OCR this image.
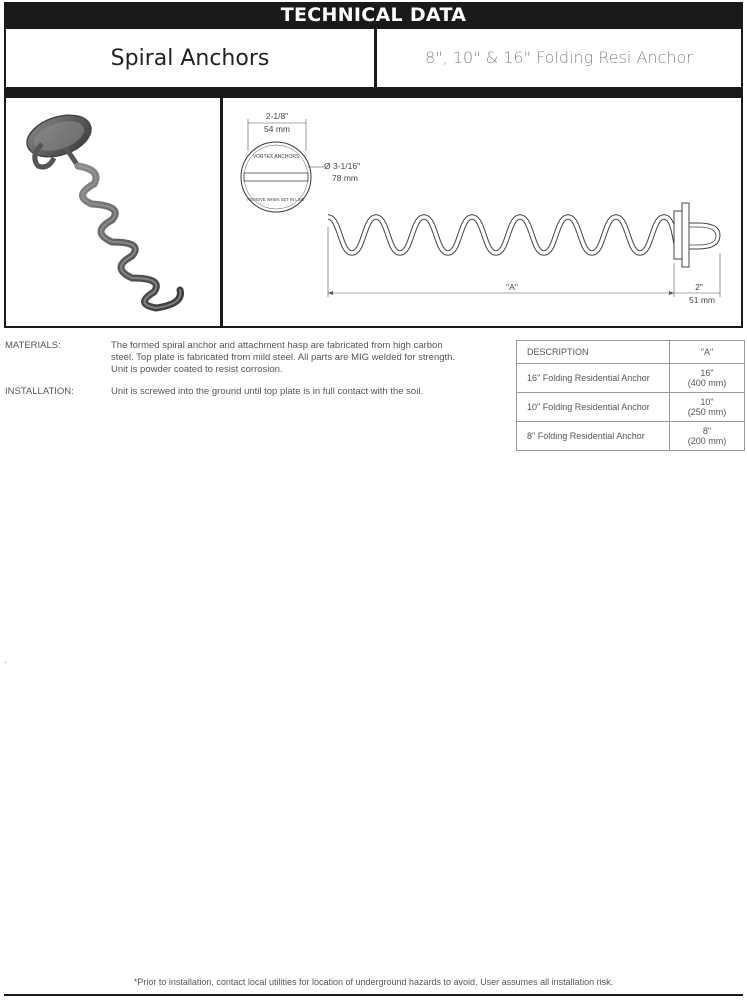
TECHNICAL DATA
Spiral Anchors	8", 10" & 16" Folding Resi Anchor
2-1/8"
54 mm
VORTEX ANCHORS
REMOVE WHEN SET IN LINE
Ø 3-1/16"
78 mm
"A"	2"
51 mm
MATERIALS:	The formed spiral anchor and attachment hasp are fabricated from high carbon
steel. Top plate is fabricated from mild steel. All parts are MIG welded for strength.
Unit is powder coated to resist corrosion.
INSTALLATION:	Unit is screwed into the ground until top plate is in full contact with the soil.
DESCRIPTION	"A"
16" Folding Residential Anchor	16"
(400 mm)

10" Folding Residential Anchor	10"
(250 mm)

8" Folding Residential Anchor	8"
(200 mm)
*Prior to installation, contact local utilities for location of underground hazards to avoid. User assumes all installation risk.
